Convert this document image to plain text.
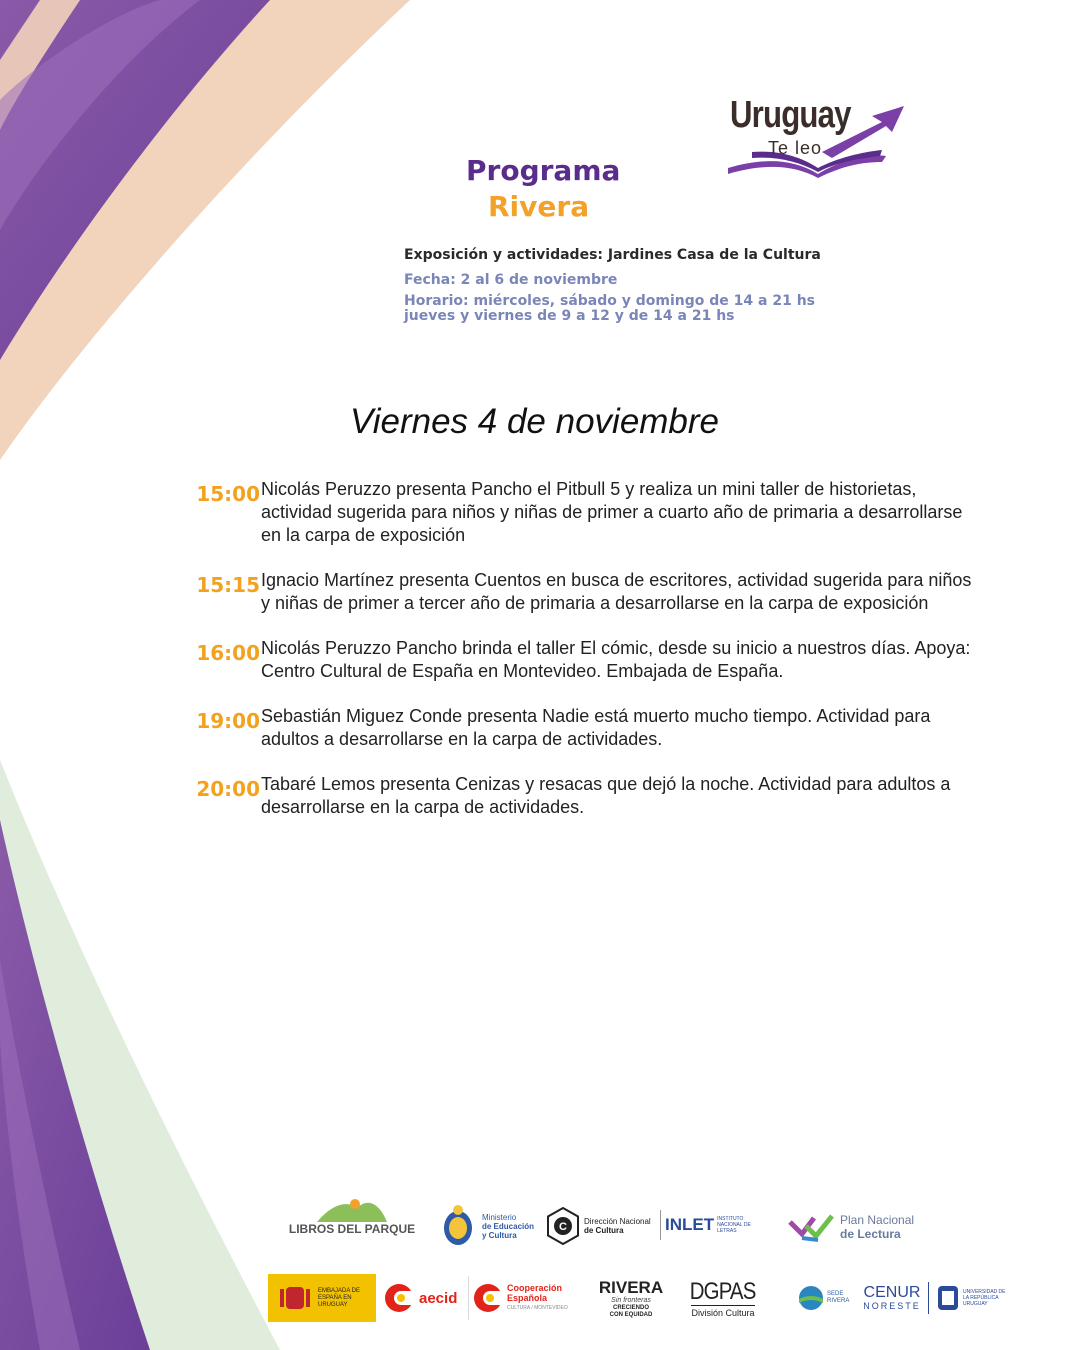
Uruguay
Te leo
Programa
Rivera
Exposición y actividades: Jardines Casa de la Cultura
Fecha: 2 al 6 de noviembre
Horario: miércoles, sábado y domingo de 14 a 21 hs jueves y viernes de 9 a 12 y de 14 a 21 hs
Viernes 4 de noviembre
15:00 Nicolás Peruzzo presenta Pancho el Pitbull 5 y realiza un mini taller de historietas, actividad sugerida para niños y niñas de primer a cuarto año de primaria a desarrollarse en la carpa de exposición
15:15 Ignacio Martínez presenta Cuentos en busca de escritores, actividad sugerida para niños y niñas de primer a tercer año de primaria a desarrollarse en la carpa de exposición
16:00 Nicolás Peruzzo Pancho brinda el taller El cómic, desde su inicio a nuestros días. Apoya: Centro Cultural de España en Montevideo. Embajada de España.
19:00 Sebastián Miguez Conde presenta Nadie está muerto mucho tiempo. Actividad para adultos a desarrollarse en la carpa de actividades.
20:00 Tabaré Lemos presenta Cenizas y resacas que dejó la noche. Actividad para adultos a desarrollarse en la carpa de actividades.
LIBROS DEL PARQUE
Ministerio
de Educación
y Cultura
C Dirección Nacional
de Cultura	INLET INSTITUTO NACIONAL DE LETRAS
Plan Nacional
de Lectura
EMBAJADA DE ESPAÑA EN URUGUAY	aecid
Cooperación
Española
CULTURA / MONTEVIDEO
RIVERA
Sin fronteras
CRECIENDO CON EQUIDAD
DGPAS
División Cultura
SEDE RIVERA CENUR
NORESTE
UNIVERSIDAD DE LA REPÚBLICA URUGUAY
